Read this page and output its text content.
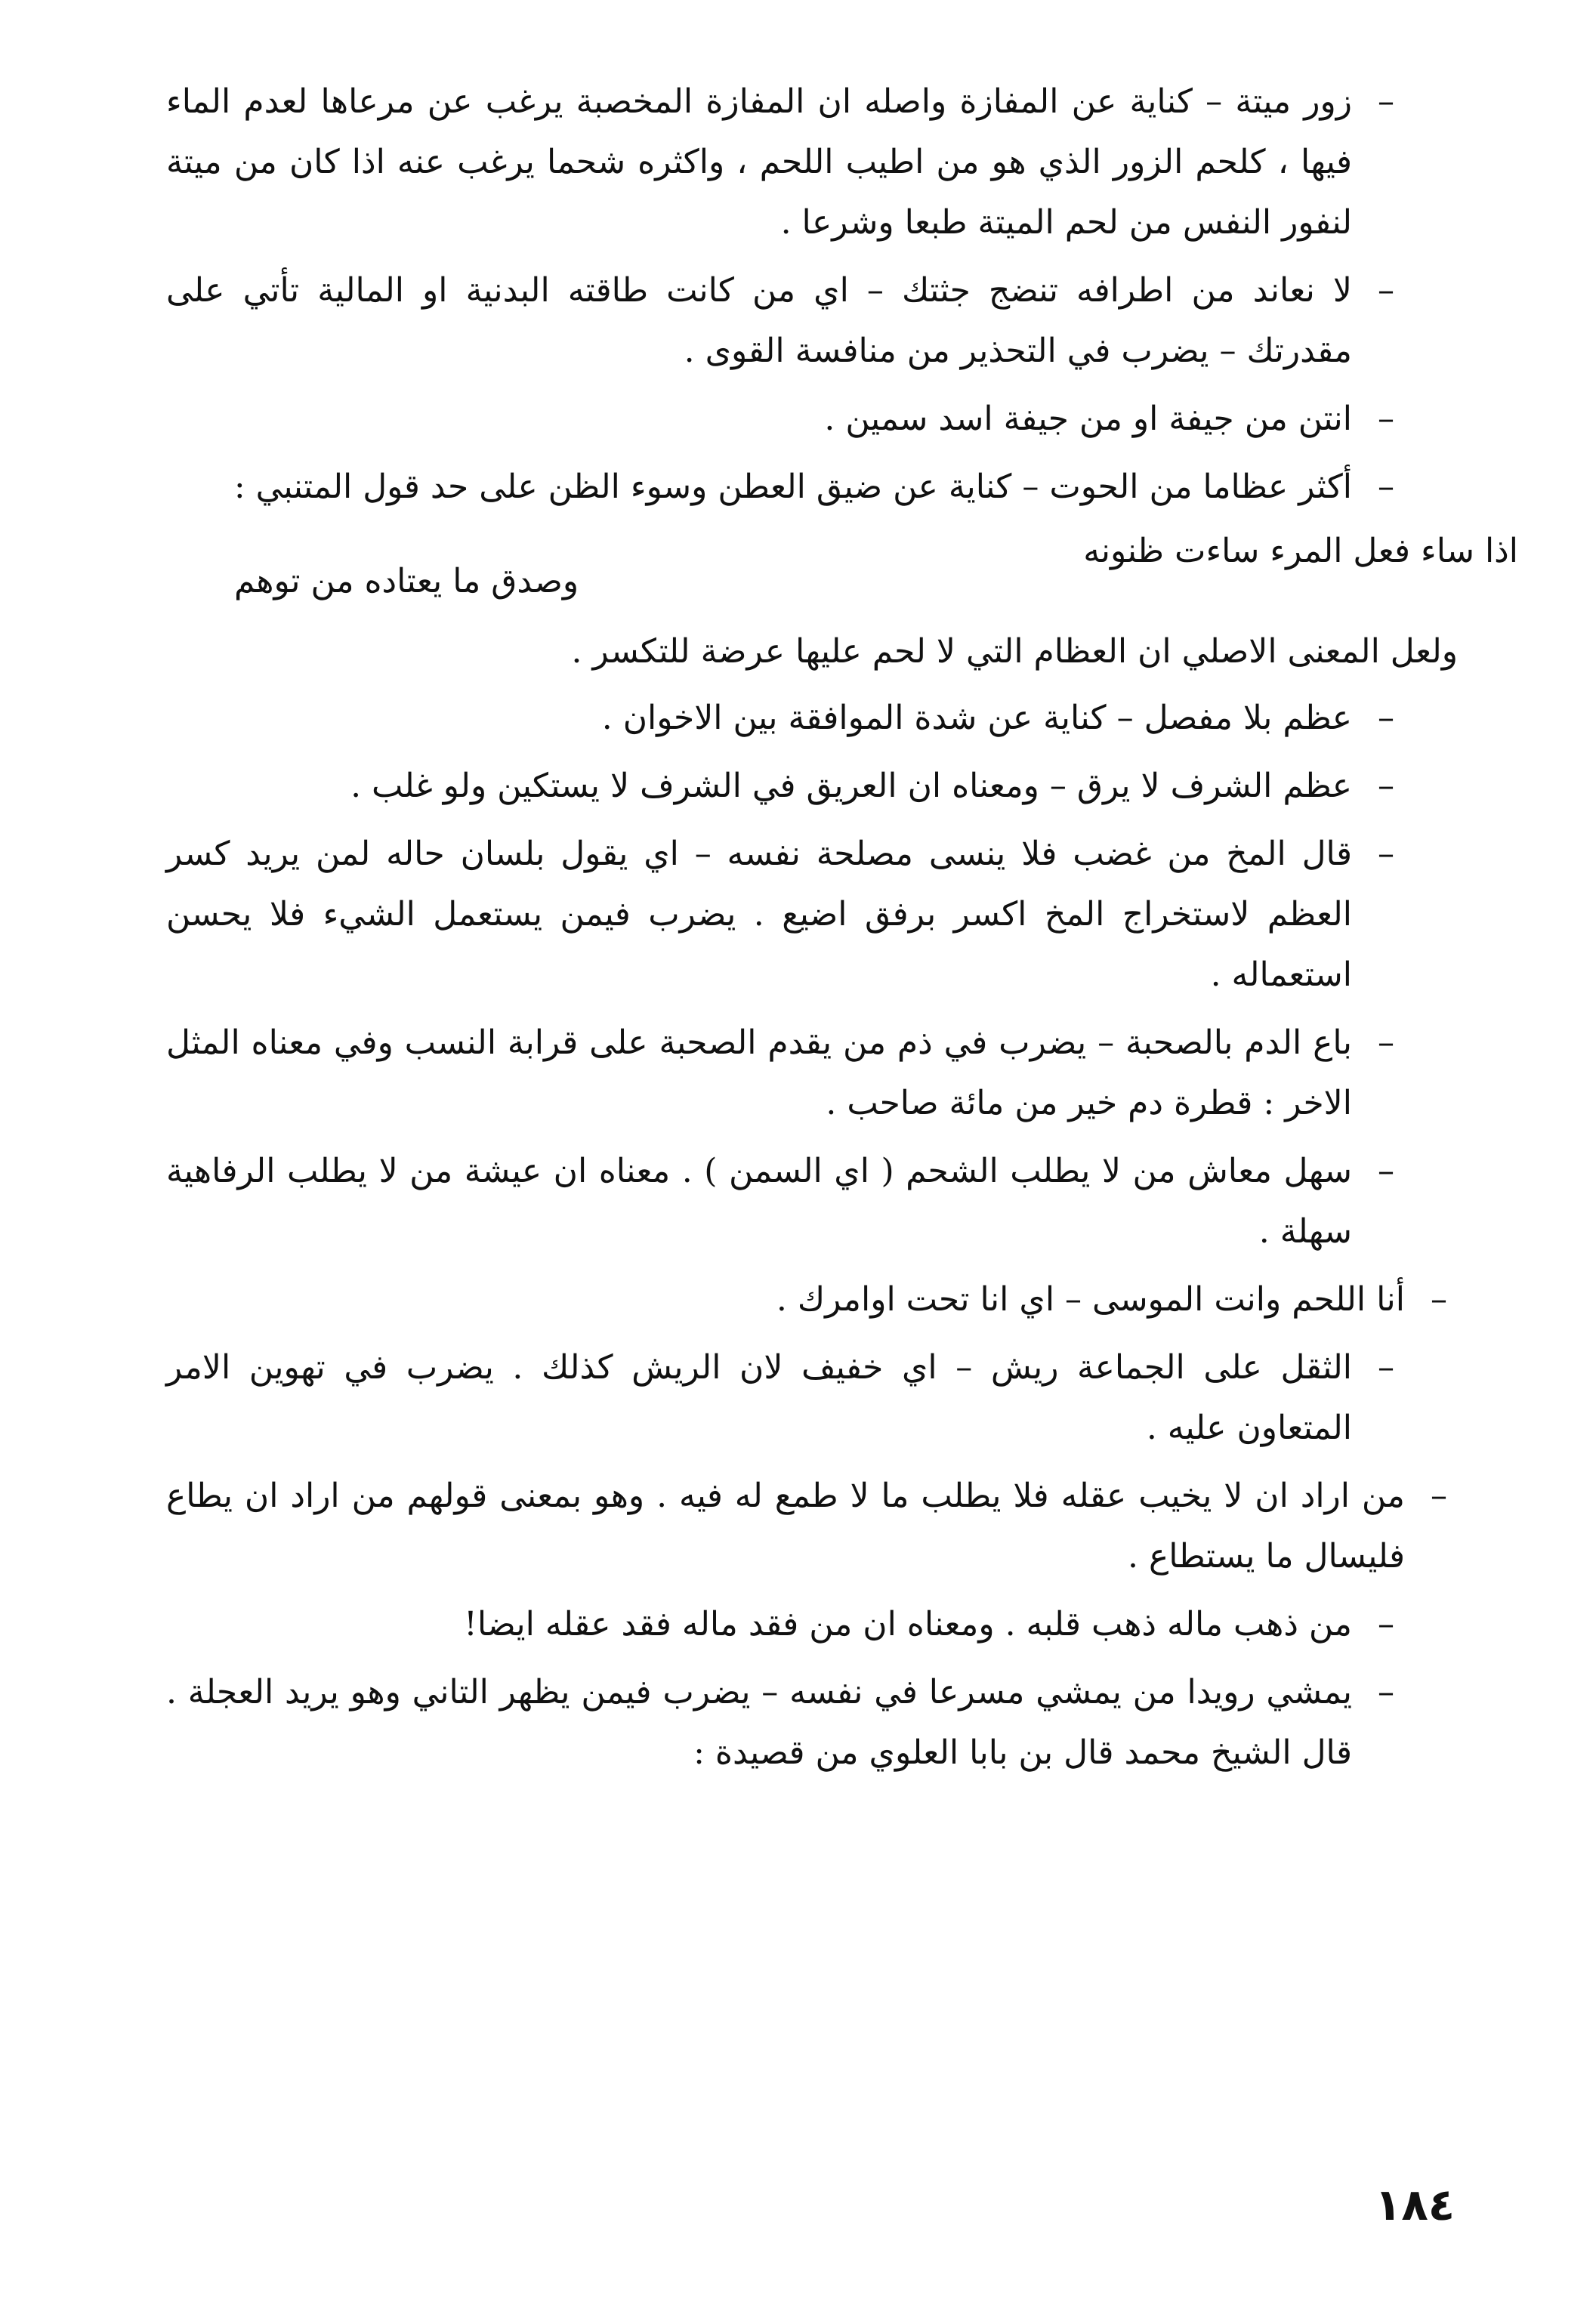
–
زور ميتة – كناية عن المفازة واصله ان المفازة المخصبة يرغب عن مرعاها لعدم الماء فيها ، كلحم الزور الذي هو من اطيب اللحم ، واكثره شحما يرغب عنه اذا كان من ميتة لنفور النفس من لحم الميتة طبعا وشرعا .
–
لا نعاند من اطرافه تنضج جثتك – اي من كانت طاقته البدنية او المالية تأتي على مقدرتك – يضرب في التحذير من منافسة القوى .
–
انتن من جيفة او من جيفة اسد سمين .
–
أكثر عظاما من الحوت – كناية عن ضيق العطن وسوء الظن على حد قول المتنبي :
اذا ساء فعل المرء ساءت ظنونه
وصدق ما يعتاده من توهم
ولعل المعنى الاصلي ان العظام التي لا لحم عليها عرضة للتكسر .
–
عظم بلا مفصل – كناية عن شدة الموافقة بين الاخوان .
–
عظم الشرف لا يرق – ومعناه ان العريق في الشرف لا يستكين ولو غلب .
–
قال المخ من غضب فلا ينسى مصلحة نفسه – اي يقول بلسان حاله لمن يريد كسر العظم لاستخراج المخ اكسر برفق اضيع . يضرب فيمن يستعمل الشيء فلا يحسن استعماله .
–
باع الدم بالصحبة – يضرب في ذم من يقدم الصحبة على قرابة النسب وفي معناه المثل الاخر : قطرة دم خير من مائة صاحب .
–
سهل معاش من لا يطلب الشحم ( اي السمن ) . معناه ان عيشة من لا يطلب الرفاهية سهلة .
–
أنا اللحم وانت الموسى – اي انا تحت اوامرك .
–
الثقل على الجماعة ريش – اي خفيف لان الريش كذلك . يضرب في تهوين الامر المتعاون عليه .
–
من اراد ان لا يخيب عقله فلا يطلب ما لا طمع له فيه . وهو بمعنى قولهم من اراد ان يطاع فليسال ما يستطاع .
–
من ذهب ماله ذهب قلبه . ومعناه ان من فقد ماله فقد عقله ايضا!
–
يمشي رويدا من يمشي مسرعا في نفسه – يضرب فيمن يظهر التاني وهو يريد العجلة . قال الشيخ محمد قال بن بابا العلوي من قصيدة :
١٨٤
